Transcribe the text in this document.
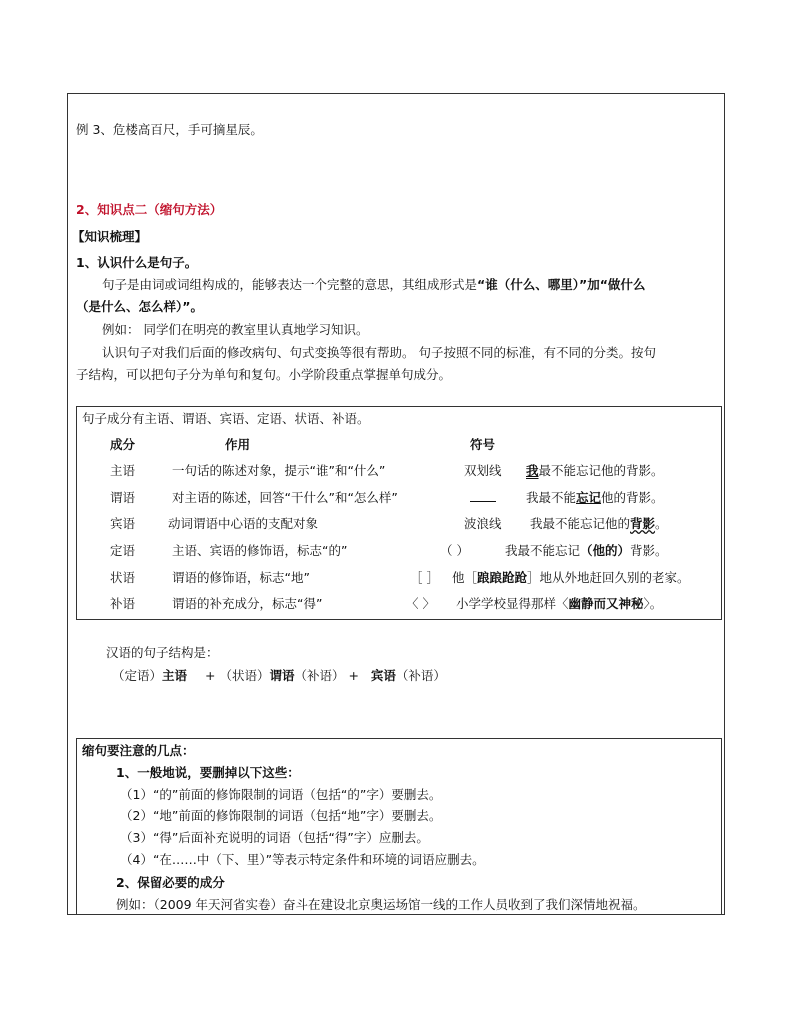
例 3、危楼高百尺，手可摘星辰。
2、知识点二（缩句方法）
【知识梳理】
1、认识什么是句子。
句子是由词或词组构成的，能够表达一个完整的意思，其组成形式是“谁（什么、哪里）”加“做什么
（是什么、怎么样）”。
例如： 同学们在明亮的教室里认真地学习知识。
认识句子对我们后面的修改病句、句式变换等很有帮助。 句子按照不同的标准，有不同的分类。按句
子结构，可以把句子分为单句和复句。小学阶段重点掌握单句成分。
句子成分有主语、谓语、宾语、定语、状语、补语。
成分	作用	符号
主语	一句话的陈述对象，提示“谁”和“什么”	双划线 我最不能忘记他的背影。
谓语	对主语的陈述，回答“干什么”和“怎么样”	我最不能忘记他的背影。
宾语	动词谓语中心语的支配对象	波浪线 我最不能忘记他的背影。
定语	主语、宾语的修饰语，标志“的”	（ ）	我最不能忘记（他的）背影。
状语	谓语的修饰语，标志“地”	［ ］ 他［踉踉跄跄］地从外地赶回久别的老家。
补语	谓语的补充成分，标志“得”	〈 〉 小学学校显得那样〈幽静而又神秘〉。
汉语的句子结构是：
（定语）主语 + （状语）谓语（补语） + 宾语（补语）
缩句要注意的几点：
1、一般地说，要删掉以下这些：
（1）“的”前面的修饰限制的词语（包括“的”字）要删去。
（2）“地”前面的修饰限制的词语（包括“地”字）要删去。
（3）“得”后面补充说明的词语（包括“得”字）应删去。
（4）“在……中（下、里）”等表示特定条件和环境的词语应删去。
2、保留必要的成分
例如：（2009 年天河省实卷）奋斗在建设北京奥运场馆一线的工作人员收到了我们深情地祝福。
